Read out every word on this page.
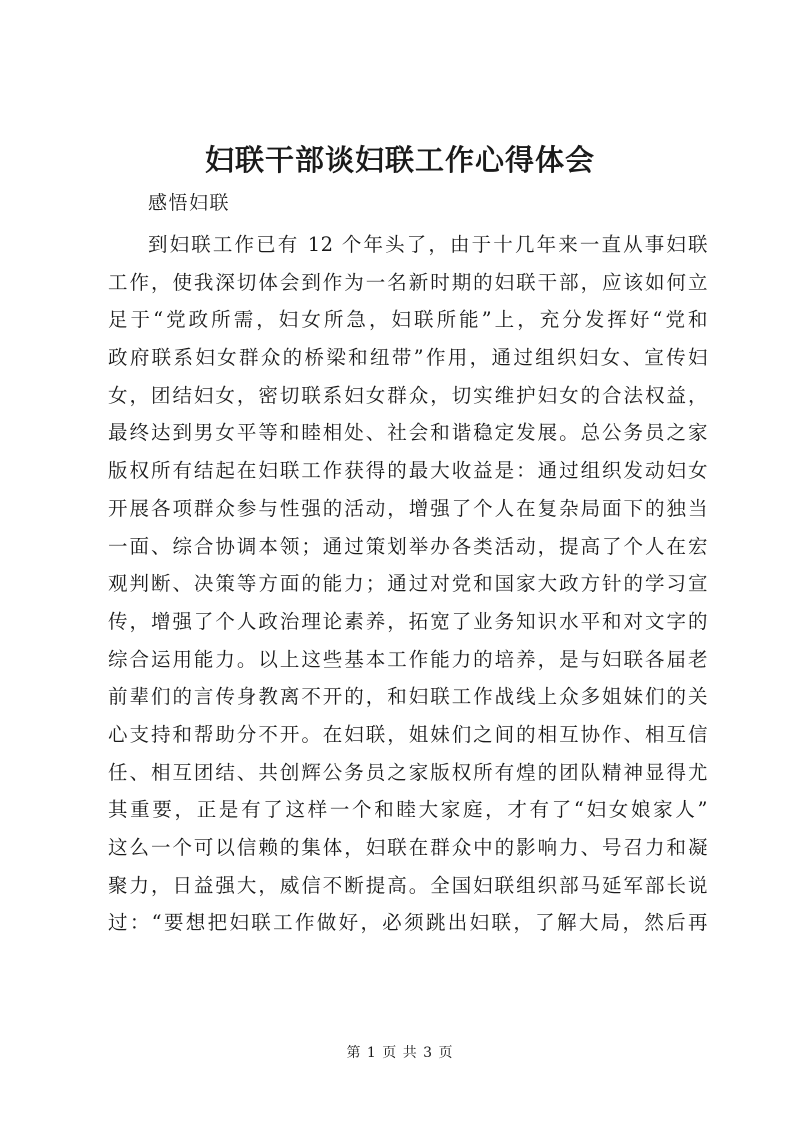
妇联干部谈妇联工作心得体会
感悟妇联
到妇联工作已有 12 个年头了，由于十几年来一直从事妇联
工作，使我深切体会到作为一名新时期的妇联干部，应该如何立
足于“党政所需，妇女所急，妇联所能”上，充分发挥好“党和
政府联系妇女群众的桥梁和纽带”作用，通过组织妇女、宣传妇
女，团结妇女，密切联系妇女群众，切实维护妇女的合法权益，
最终达到男女平等和睦相处、社会和谐稳定发展。总公务员之家
版权所有结起在妇联工作获得的最大收益是：通过组织发动妇女
开展各项群众参与性强的活动，增强了个人在复杂局面下的独当
一面、综合协调本领；通过策划举办各类活动，提高了个人在宏
观判断、决策等方面的能力；通过对党和国家大政方针的学习宣
传，增强了个人政治理论素养，拓宽了业务知识水平和对文字的
综合运用能力。以上这些基本工作能力的培养，是与妇联各届老
前辈们的言传身教离不开的，和妇联工作战线上众多姐妹们的关
心支持和帮助分不开。在妇联，姐妹们之间的相互协作、相互信
任、相互团结、共创辉公务员之家版权所有煌的团队精神显得尤
其重要，正是有了这样一个和睦大家庭，才有了“妇女娘家人”
这么一个可以信赖的集体，妇联在群众中的影响力、号召力和凝
聚力，日益强大，威信不断提高。全国妇联组织部马延军部长说
过：“要想把妇联工作做好，必须跳出妇联，了解大局，然后再
第 1 页 共 3 页
